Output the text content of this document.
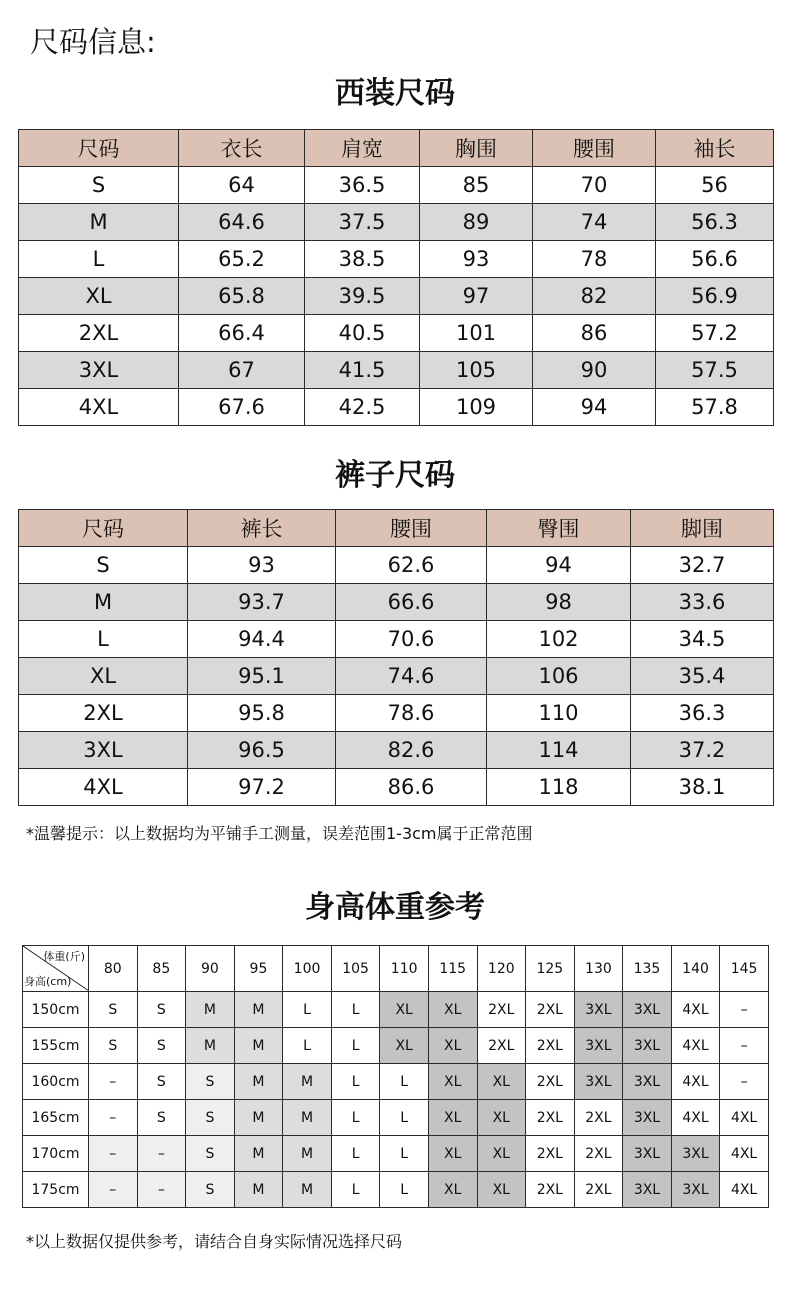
尺码信息:
西装尺码
尺码	衣长	肩宽	胸围	腰围	袖长
S	64	36.5	85	70	56
M	64.6	37.5	89	74	56.3
L	65.2	38.5	93	78	56.6
XL	65.8	39.5	97	82	56.9
2XL	66.4	40.5	101	86	57.2
3XL	67	41.5	105	90	57.5
4XL	67.6	42.5	109	94	57.8
裤子尺码
尺码	裤长	腰围	臀围	脚围
S	93	62.6	94	32.7
M	93.7	66.6	98	33.6
L	94.4	70.6	102	34.5
XL	95.1	74.6	106	35.4
2XL	95.8	78.6	110	36.3
3XL	96.5	82.6	114	37.2
4XL	97.2	86.6	118	38.1
*温馨提示：以上数据均为平铺手工测量，误差范围1-3cm属于正常范围
身高体重参考
体重(斤)
身高(cm)	80	85	90	95	100	105	110	115	120	125	130	135	140	145
150cm	S	S	M	M	L	L	XL	XL	2XL	2XL	3XL	3XL	4XL	–
155cm	S	S	M	M	L	L	XL	XL	2XL	2XL	3XL	3XL	4XL	–
160cm	–	S	S	M	M	L	L	XL	XL	2XL	3XL	3XL	4XL	–
165cm	–	S	S	M	M	L	L	XL	XL	2XL	2XL	3XL	4XL	4XL
170cm	–	–	S	M	M	L	L	XL	XL	2XL	2XL	3XL	3XL	4XL
175cm	–	–	S	M	M	L	L	XL	XL	2XL	2XL	3XL	3XL	4XL
*以上数据仅提供参考，请结合自身实际情况选择尺码
